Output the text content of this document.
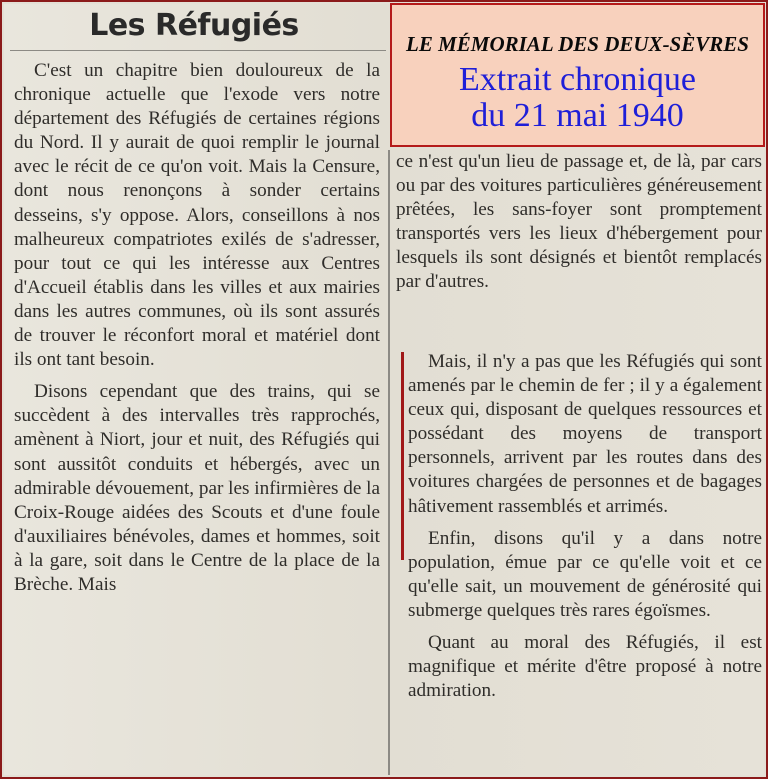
Les Réfugiés
LE MÉMORIAL DES DEUX-SÈVRES
Extrait chronique
du 21 mai 1940

C'est un chapitre bien douloureux de la chronique actuelle que l'exode vers notre département des Réfugiés de certaines régions du Nord. Il y aurait de quoi remplir le journal avec le récit de ce qu'on voit. Mais la Censure, dont nous renonçons à sonder certains desseins, s'y oppose. Alors, conseillons à nos malheureux compatriotes exilés de s'adresser, pour tout ce qui les intéresse aux Centres d'Accueil établis dans les villes et aux mairies dans les autres communes, où ils sont assurés de trouver le réconfort moral et matériel dont ils ont tant besoin.

Disons cependant que des trains, qui se succèdent à des intervalles très rapprochés, amènent à Niort, jour et nuit, des Réfugiés qui sont aussitôt conduits et hébergés, avec un admirable dévouement, par les infirmières de la Croix-Rouge aidées des Scouts et d'une foule d'auxiliaires bénévoles, dames et hommes, soit à la gare, soit dans le Centre de la place de la Brèche. Mais

ce n'est qu'un lieu de passage et, de là, par cars ou par des voitures particulières généreusement prêtées, les sans-foyer sont promptement transportés vers les lieux d'hébergement pour lesquels ils sont désignés et bientôt remplacés par d'autres.

Mais, il n'y a pas que les Réfugiés qui sont amenés par le chemin de fer ; il y a également ceux qui, disposant de quelques ressources et possédant des moyens de transport personnels, arrivent par les routes dans des voitures chargées de personnes et de bagages hâtivement rassemblés et arrimés.

Enfin, disons qu'il y a dans notre population, émue par ce qu'elle voit et ce qu'elle sait, un mouvement de générosité qui submerge quelques très rares égoïsmes.

Quant au moral des Réfugiés, il est magnifique et mérite d'être proposé à notre admiration.
